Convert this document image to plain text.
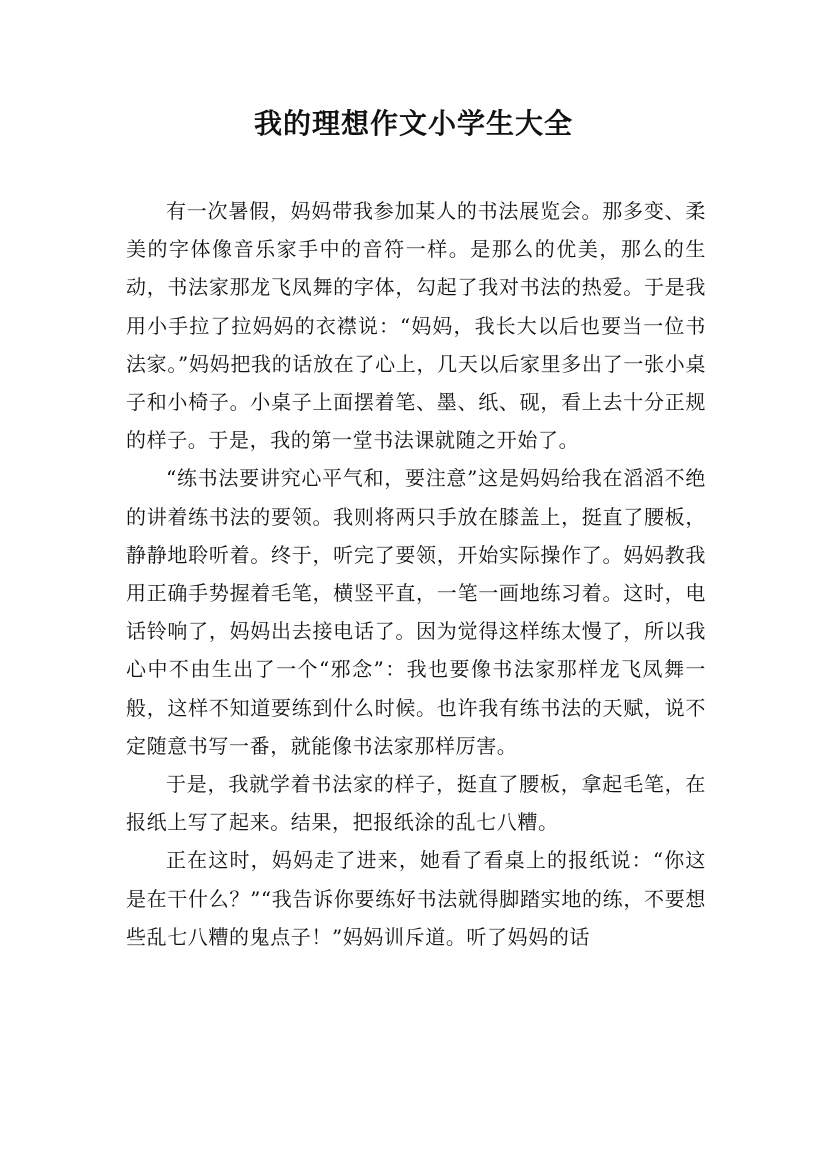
我的理想作文小学生大全

有一次暑假，妈妈带我参加某人的书法展览会。那多变、柔美的字体像音乐家手中的音符一样。是那么的优美，那么的生动，书法家那龙飞凤舞的字体，勾起了我对书法的热爱。于是我用小手拉了拉妈妈的衣襟说：“妈妈，我长大以后也要当一位书法家。”妈妈把我的话放在了心上，几天以后家里多出了一张小桌子和小椅子。小桌子上面摆着笔、墨、纸、砚，看上去十分正规的样子。于是，我的第一堂书法课就随之开始了。

“练书法要讲究心平气和，要注意”这是妈妈给我在滔滔不绝的讲着练书法的要领。我则将两只手放在膝盖上，挺直了腰板，静静地聆听着。终于，听完了要领，开始实际操作了。妈妈教我用正确手势握着毛笔，横竖平直，一笔一画地练习着。这时，电话铃响了，妈妈出去接电话了。因为觉得这样练太慢了，所以我心中不由生出了一个“邪念”：我也要像书法家那样龙飞凤舞一般，这样不知道要练到什么时候。也许我有练书法的天赋，说不定随意书写一番，就能像书法家那样厉害。

于是，我就学着书法家的样子，挺直了腰板，拿起毛笔，在报纸上写了起来。结果，把报纸涂的乱七八糟。

正在这时，妈妈走了进来，她看了看桌上的报纸说：“你这是在干什么？”“我告诉你要练好书法就得脚踏实地的练，不要想些乱七八糟的鬼点子！”妈妈训斥道。听了妈妈的话
